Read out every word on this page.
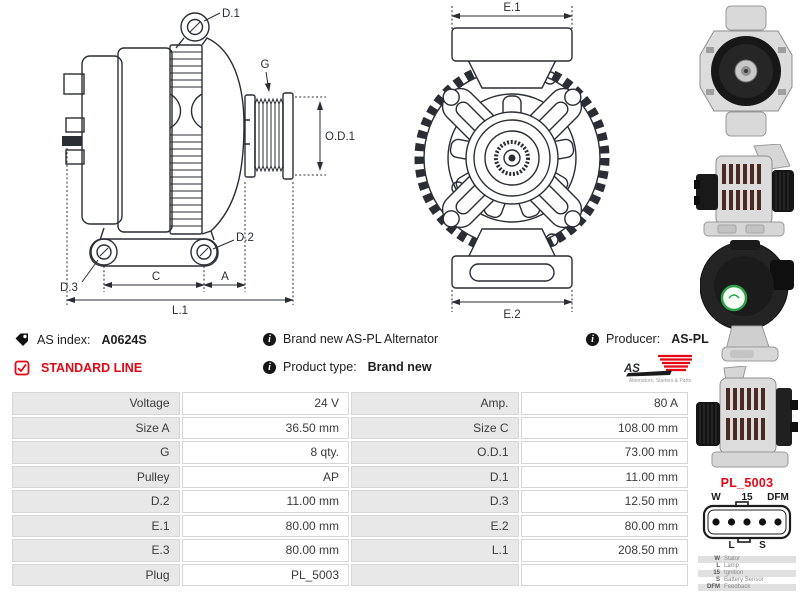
D.1
G
O.D.1
D.2
D.3
C	A
L.1
E.1
E.2
AS index: A0624S
STANDARD LINE
i Brand new AS-PL Alternator
i Product type: Brand new
i Producer: AS-PL
AS
Alternators, Starters & Parts
Voltage	24 V	Amp.	80 A
Size A	36.50 mm	Size C	108.00 mm
G	8 qty.	O.D.1	73.00 mm
Pulley	AP	D.1	11.00 mm
D.2	11.00 mm	D.3	12.50 mm
E.1	80.00 mm	E.2	80.00 mm
E.3	80.00 mm	L.1	208.50 mm
Plug	PL_5003		
PL_5003
W 15 DFM
L S
W Stator
L Lamp
15 Ignition
S Battery Sensor
DFM Feedback
